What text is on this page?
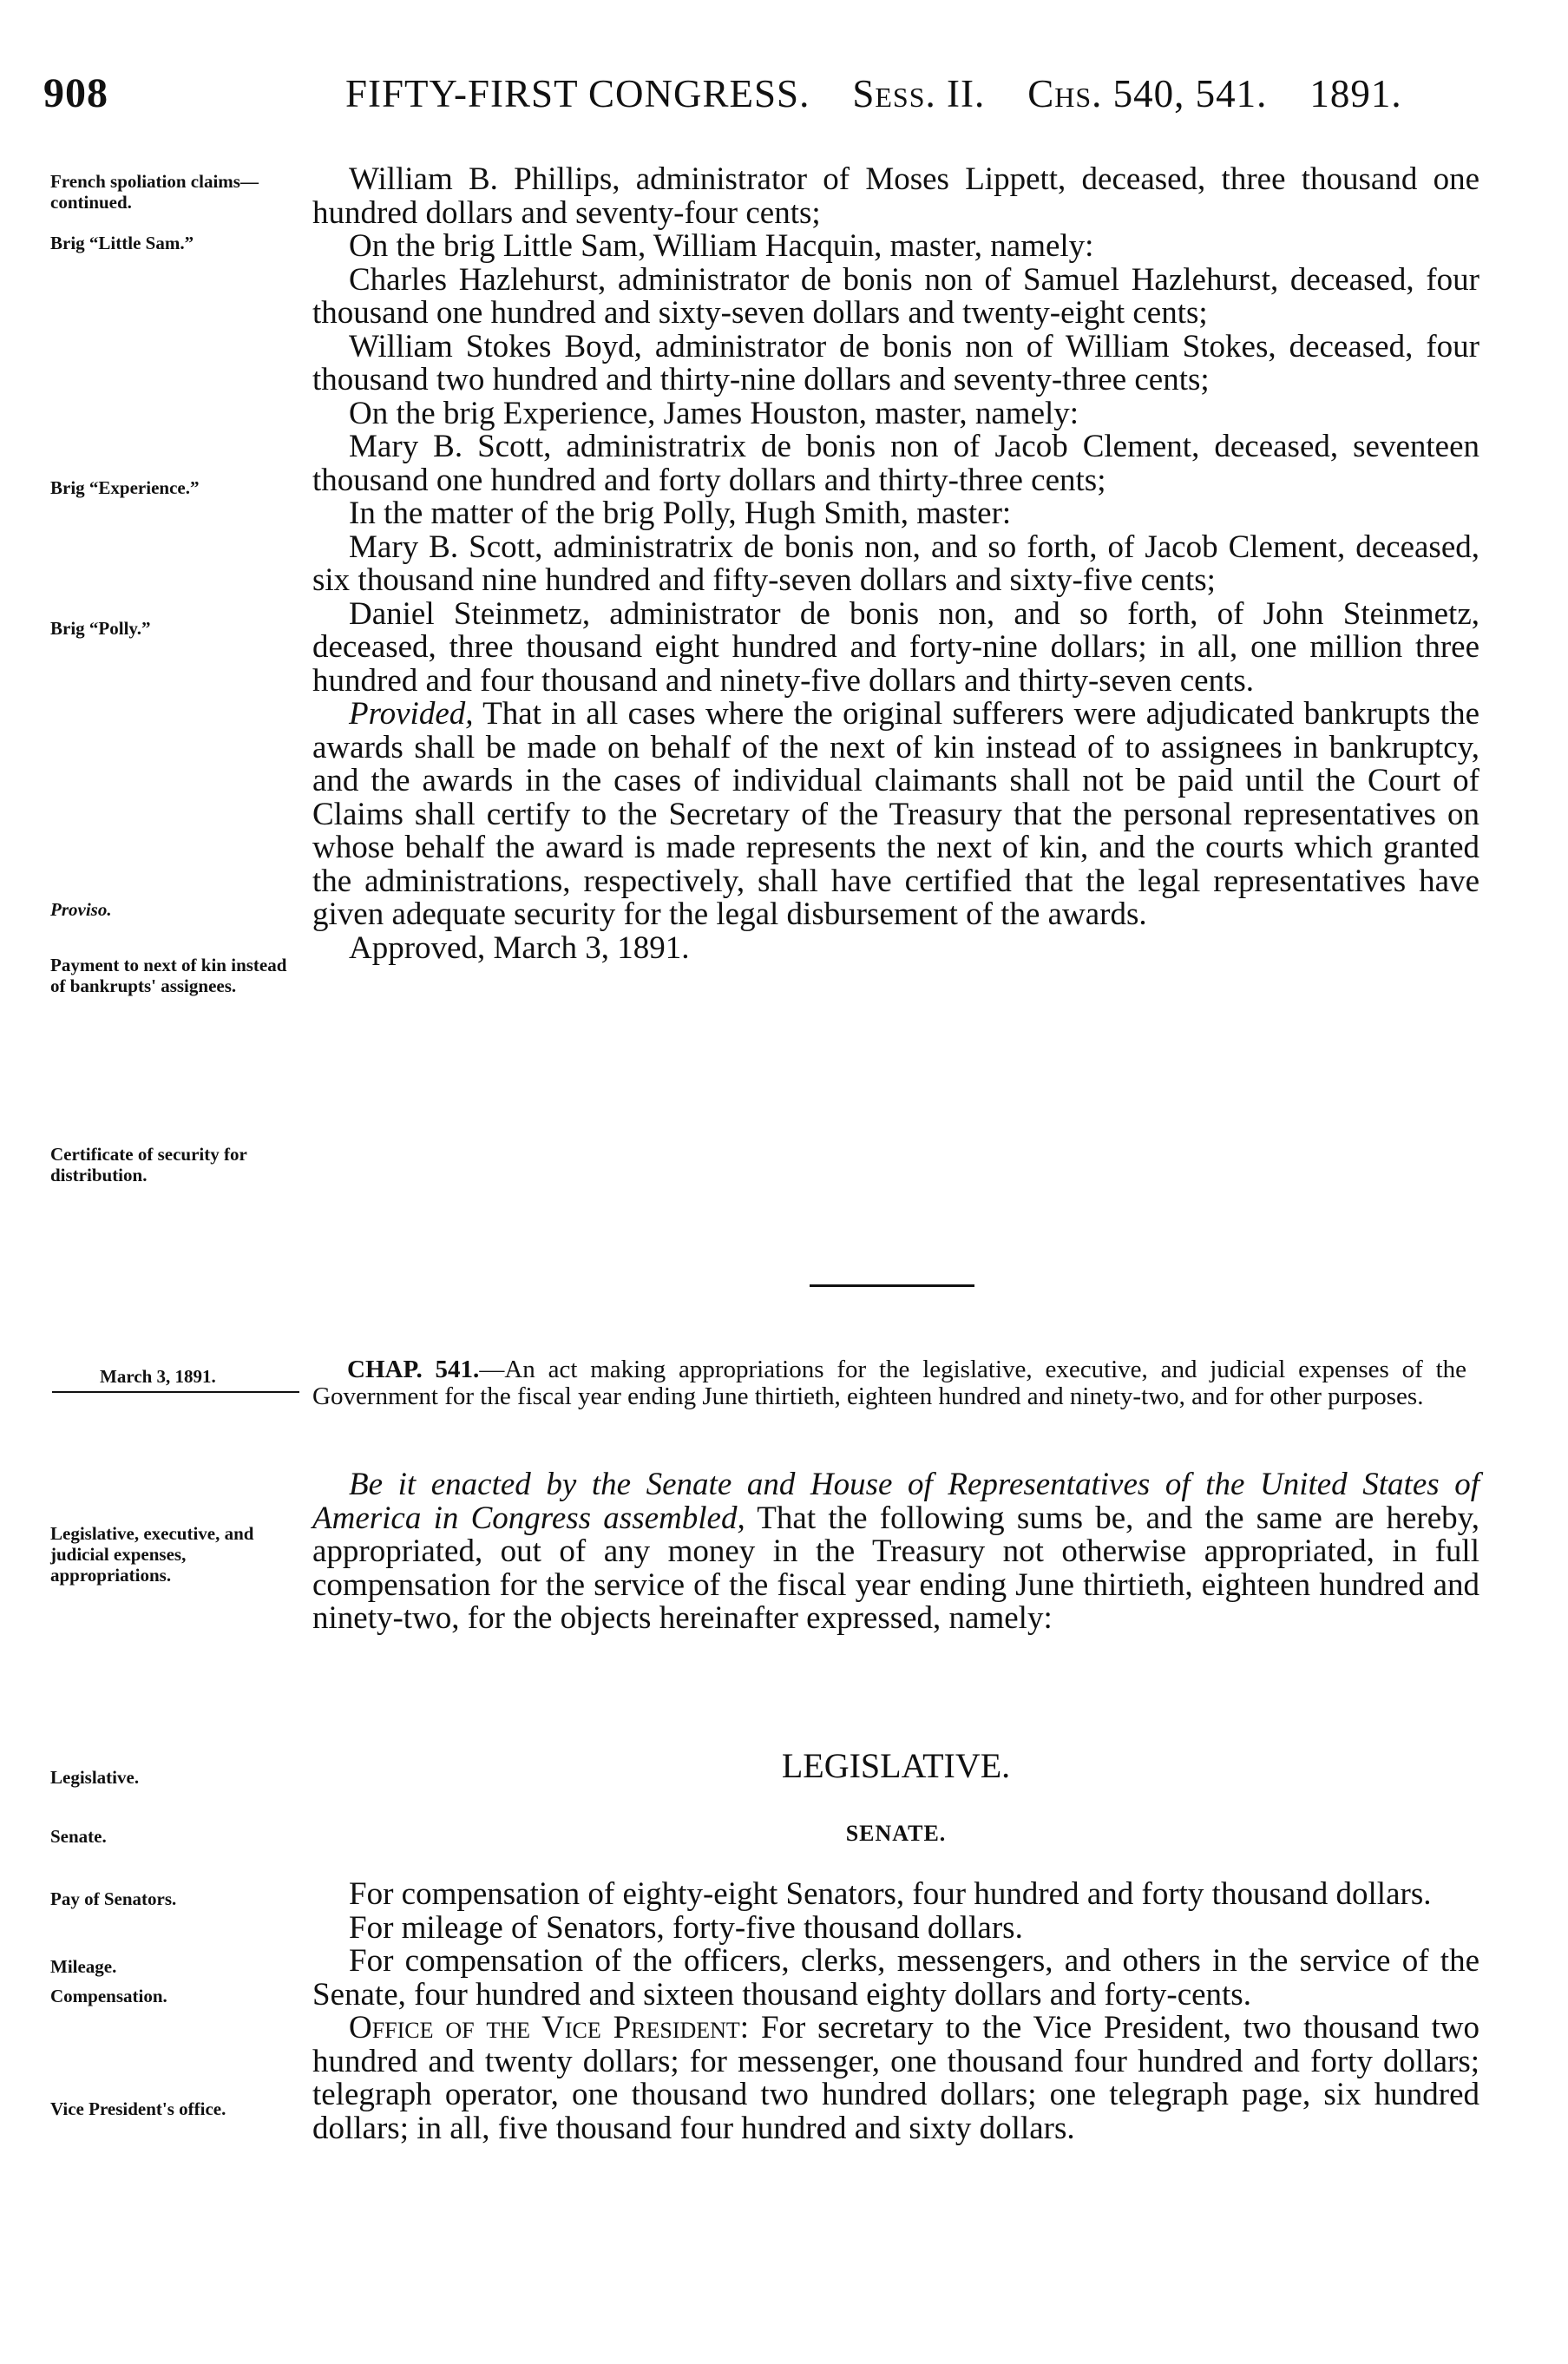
908	FIFTY-FIRST CONGRESS. Sess. II. Chs. 540, 541. 1891.
French spoliation claims—continued.
Brig “Little Sam.”
Brig “Experience.”
Brig “Polly.”
Proviso.
Payment to next of kin instead of bankrupts' assignees.
Certificate of security for distribution.
March 3, 1891.
Legislative, executive, and judicial expenses, appropriations.
Legislative.
Senate.
Pay of Senators.
Mileage.
Compensation.
Vice President's office.
William B. Phillips, administrator of Moses Lippett, deceased, three thousand one hundred dollars and seventy-four cents;
On the brig Little Sam, William Hacquin, master, namely:
Charles Hazlehurst, administrator de bonis non of Samuel Hazlehurst, deceased, four thousand one hundred and sixty-seven dollars and twenty-eight cents;
William Stokes Boyd, administrator de bonis non of William Stokes, deceased, four thousand two hundred and thirty-nine dollars and seventy-three cents;
On the brig Experience, James Houston, master, namely:
Mary B. Scott, administratrix de bonis non of Jacob Clement, deceased, seventeen thousand one hundred and forty dollars and thirty-three cents;
In the matter of the brig Polly, Hugh Smith, master:
Mary B. Scott, administratrix de bonis non, and so forth, of Jacob Clement, deceased, six thousand nine hundred and fifty-seven dollars and sixty-five cents;
Daniel Steinmetz, administrator de bonis non, and so forth, of John Steinmetz, deceased, three thousand eight hundred and forty-nine dollars; in all, one million three hundred and four thousand and ninety-five dollars and thirty-seven cents.
Provided, That in all cases where the original sufferers were adjudicated bankrupts the awards shall be made on behalf of the next of kin instead of to assignees in bankruptcy, and the awards in the cases of individual claimants shall not be paid until the Court of Claims shall certify to the Secretary of the Treasury that the personal representatives on whose behalf the award is made represents the next of kin, and the courts which granted the administrations, respectively, shall have certified that the legal representatives have given adequate security for the legal disbursement of the awards.
Approved, March 3, 1891.
CHAP. 541.—An act making appropriations for the legislative, executive, and judicial expenses of the Government for the fiscal year ending June thirtieth, eighteen hundred and ninety-two, and for other purposes.
Be it enacted by the Senate and House of Representatives of the United States of America in Congress assembled, That the following sums be, and the same are hereby, appropriated, out of any money in the Treasury not otherwise appropriated, in full compensation for the service of the fiscal year ending June thirtieth, eighteen hundred and ninety-two, for the objects hereinafter expressed, namely:
LEGISLATIVE.
SENATE.
For compensation of eighty-eight Senators, four hundred and forty thousand dollars.
For mileage of Senators, forty-five thousand dollars.
For compensation of the officers, clerks, messengers, and others in the service of the Senate, four hundred and sixteen thousand eighty dollars and forty-cents.
Office of the Vice President: For secretary to the Vice President, two thousand two hundred and twenty dollars; for messenger, one thousand four hundred and forty dollars; telegraph operator, one thousand two hundred dollars; one telegraph page, six hundred dollars; in all, five thousand four hundred and sixty dollars.
